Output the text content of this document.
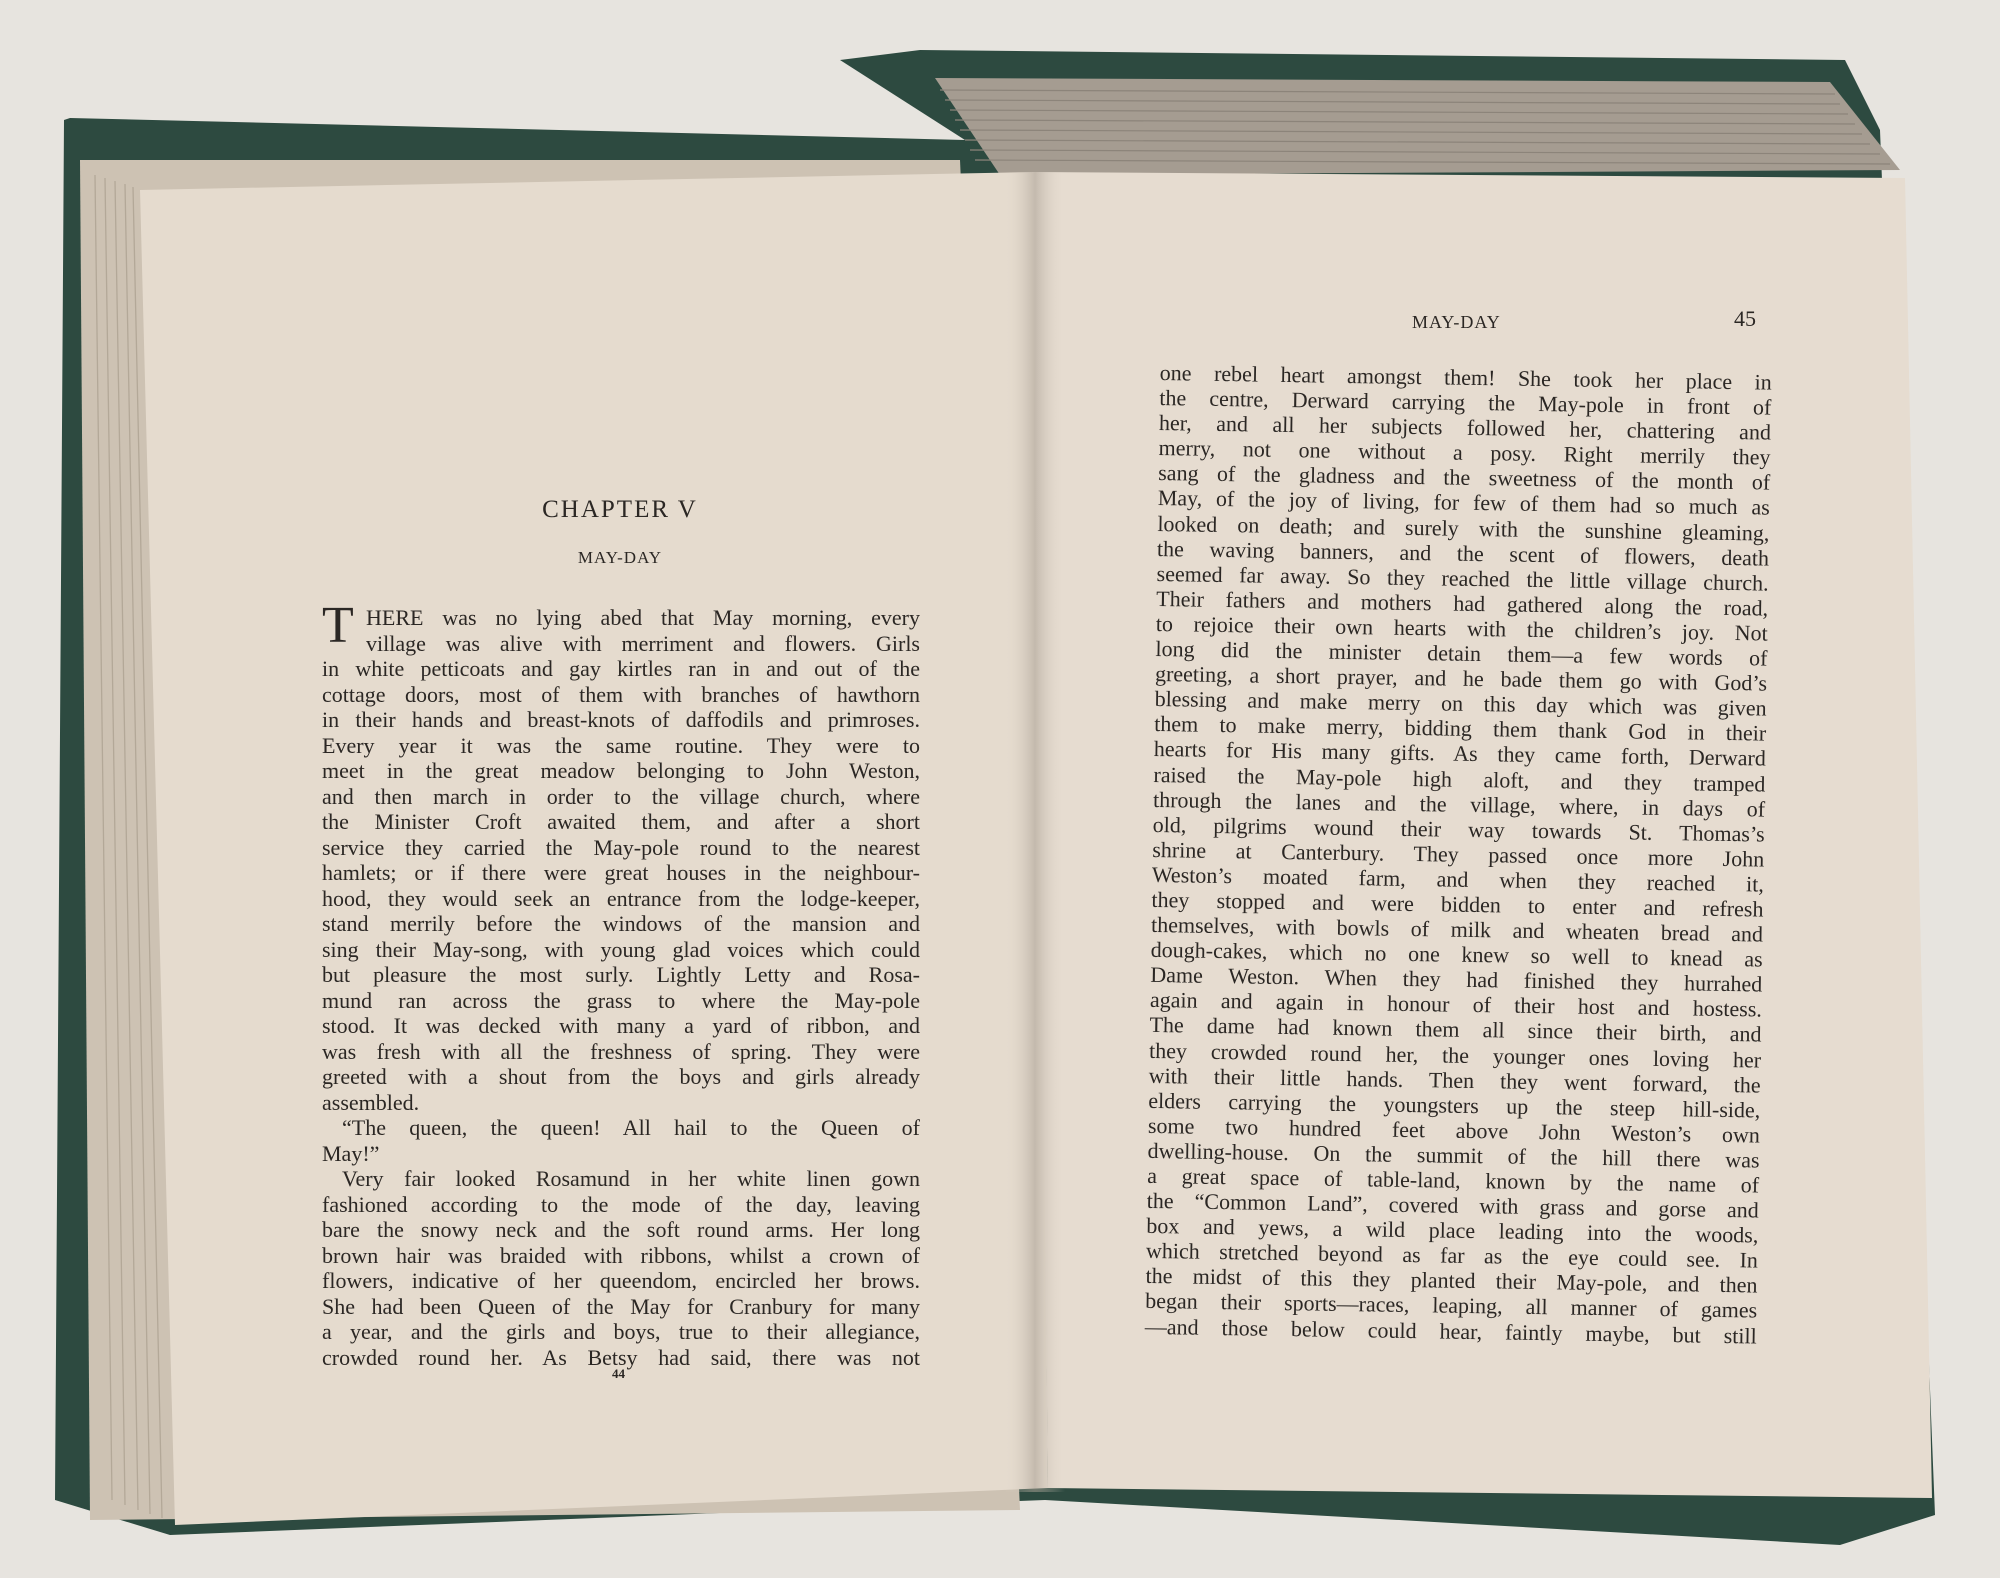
CHAPTER V
MAY-DAY
T HERE was no lying abed that May morning, every
village was alive with merriment and flowers. Girls
in white petticoats and gay kirtles ran in and out of the
cottage doors, most of them with branches of hawthorn
in their hands and breast-knots of daffodils and primroses.
Every year it was the same routine. They were to
meet in the great meadow belonging to John Weston,
and then march in order to the village church, where
the Minister Croft awaited them, and after a short
service they carried the May-pole round to the nearest
hamlets; or if there were great houses in the neighbour-
hood, they would seek an entrance from the lodge-keeper,
stand merrily before the windows of the mansion and
sing their May-song, with young glad voices which could
but pleasure the most surly. Lightly Letty and Rosa-
mund ran across the grass to where the May-pole
stood. It was decked with many a yard of ribbon, and
was fresh with all the freshness of spring. They were
greeted with a shout from the boys and girls already
assembled.
“The queen, the queen! All hail to the Queen of
May!”
Very fair looked Rosamund in her white linen gown
fashioned according to the mode of the day, leaving
bare the snowy neck and the soft round arms. Her long
brown hair was braided with ribbons, whilst a crown of
flowers, indicative of her queendom, encircled her brows.
She had been Queen of the May for Cranbury for many
a year, and the girls and boys, true to their allegiance,
crowded round her. As Betsy had said, there was not
44
MAY-DAY	45
one rebel heart amongst them! She took her place in
the centre, Derward carrying the May-pole in front of
her, and all her subjects followed her, chattering and
merry, not one without a posy. Right merrily they
sang of the gladness and the sweetness of the month of
May, of the joy of living, for few of them had so much as
looked on death; and surely with the sunshine gleaming,
the waving banners, and the scent of flowers, death
seemed far away. So they reached the little village church.
Their fathers and mothers had gathered along the road,
to rejoice their own hearts with the children’s joy. Not
long did the minister detain them—a few words of
greeting, a short prayer, and he bade them go with God’s
blessing and make merry on this day which was given
them to make merry, bidding them thank God in their
hearts for His many gifts. As they came forth, Derward
raised the May-pole high aloft, and they tramped
through the lanes and the village, where, in days of
old, pilgrims wound their way towards St. Thomas’s
shrine at Canterbury. They passed once more John
Weston’s moated farm, and when they reached it,
they stopped and were bidden to enter and refresh
themselves, with bowls of milk and wheaten bread and
dough-cakes, which no one knew so well to knead as
Dame Weston. When they had finished they hurrahed
again and again in honour of their host and hostess.
The dame had known them all since their birth, and
they crowded round her, the younger ones loving her
with their little hands. Then they went forward, the
elders carrying the youngsters up the steep hill-side,
some two hundred feet above John Weston’s own
dwelling-house. On the summit of the hill there was
a great space of table-land, known by the name of
the “Common Land”, covered with grass and gorse and
box and yews, a wild place leading into the woods,
which stretched beyond as far as the eye could see. In
the midst of this they planted their May-pole, and then
began their sports—races, leaping, all manner of games
—and those below could hear, faintly maybe, but still
